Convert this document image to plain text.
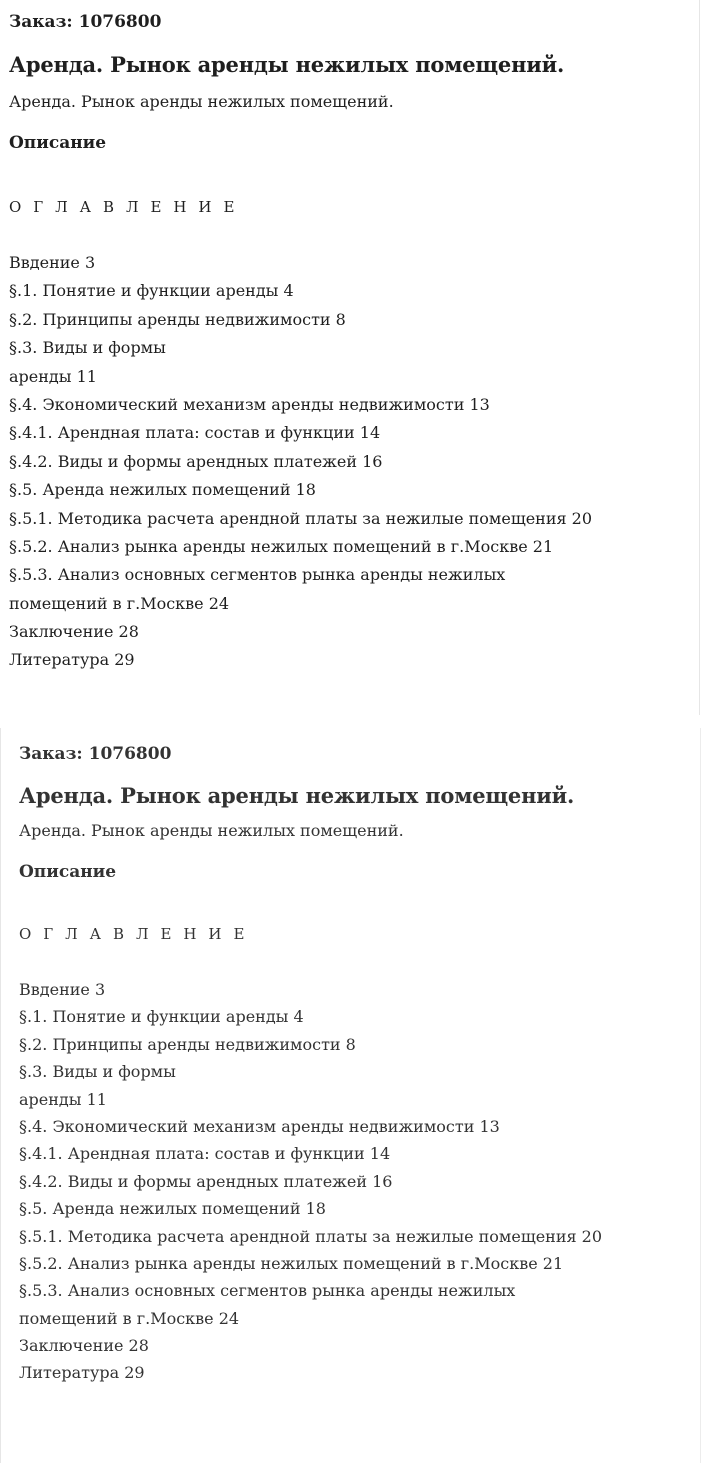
Заказ: 1076800
Аренда. Рынок аренды нежилых помещений.
Аренда. Рынок аренды нежилых помещений.
Описание
О Г Л А В Л Е Н И Е
Ввдение 3
§.1. Понятие и функции аренды 4
§.2. Принципы аренды недвижимости 8
§.3. Виды и формы
аренды 11
§.4. Экономический механизм аренды недвижимости 13
§.4.1. Арендная плата: состав и функции 14
§.4.2. Виды и формы арендных платежей 16
§.5. Аренда нежилых помещений 18
§.5.1. Методика расчета арендной платы за нежилые помещения 20
§.5.2. Анализ рынка аренды нежилых помещений в г.Москве 21
§.5.3. Анализ основных сегментов рынка аренды нежилых
помещений в г.Москве 24
Заключение 28
Литература 29
Заказ: 1076800
Аренда. Рынок аренды нежилых помещений.
Аренда. Рынок аренды нежилых помещений.
Описание
О Г Л А В Л Е Н И Е
Ввдение 3
§.1. Понятие и функции аренды 4
§.2. Принципы аренды недвижимости 8
§.3. Виды и формы
аренды 11
§.4. Экономический механизм аренды недвижимости 13
§.4.1. Арендная плата: состав и функции 14
§.4.2. Виды и формы арендных платежей 16
§.5. Аренда нежилых помещений 18
§.5.1. Методика расчета арендной платы за нежилые помещения 20
§.5.2. Анализ рынка аренды нежилых помещений в г.Москве 21
§.5.3. Анализ основных сегментов рынка аренды нежилых
помещений в г.Москве 24
Заключение 28
Литература 29
